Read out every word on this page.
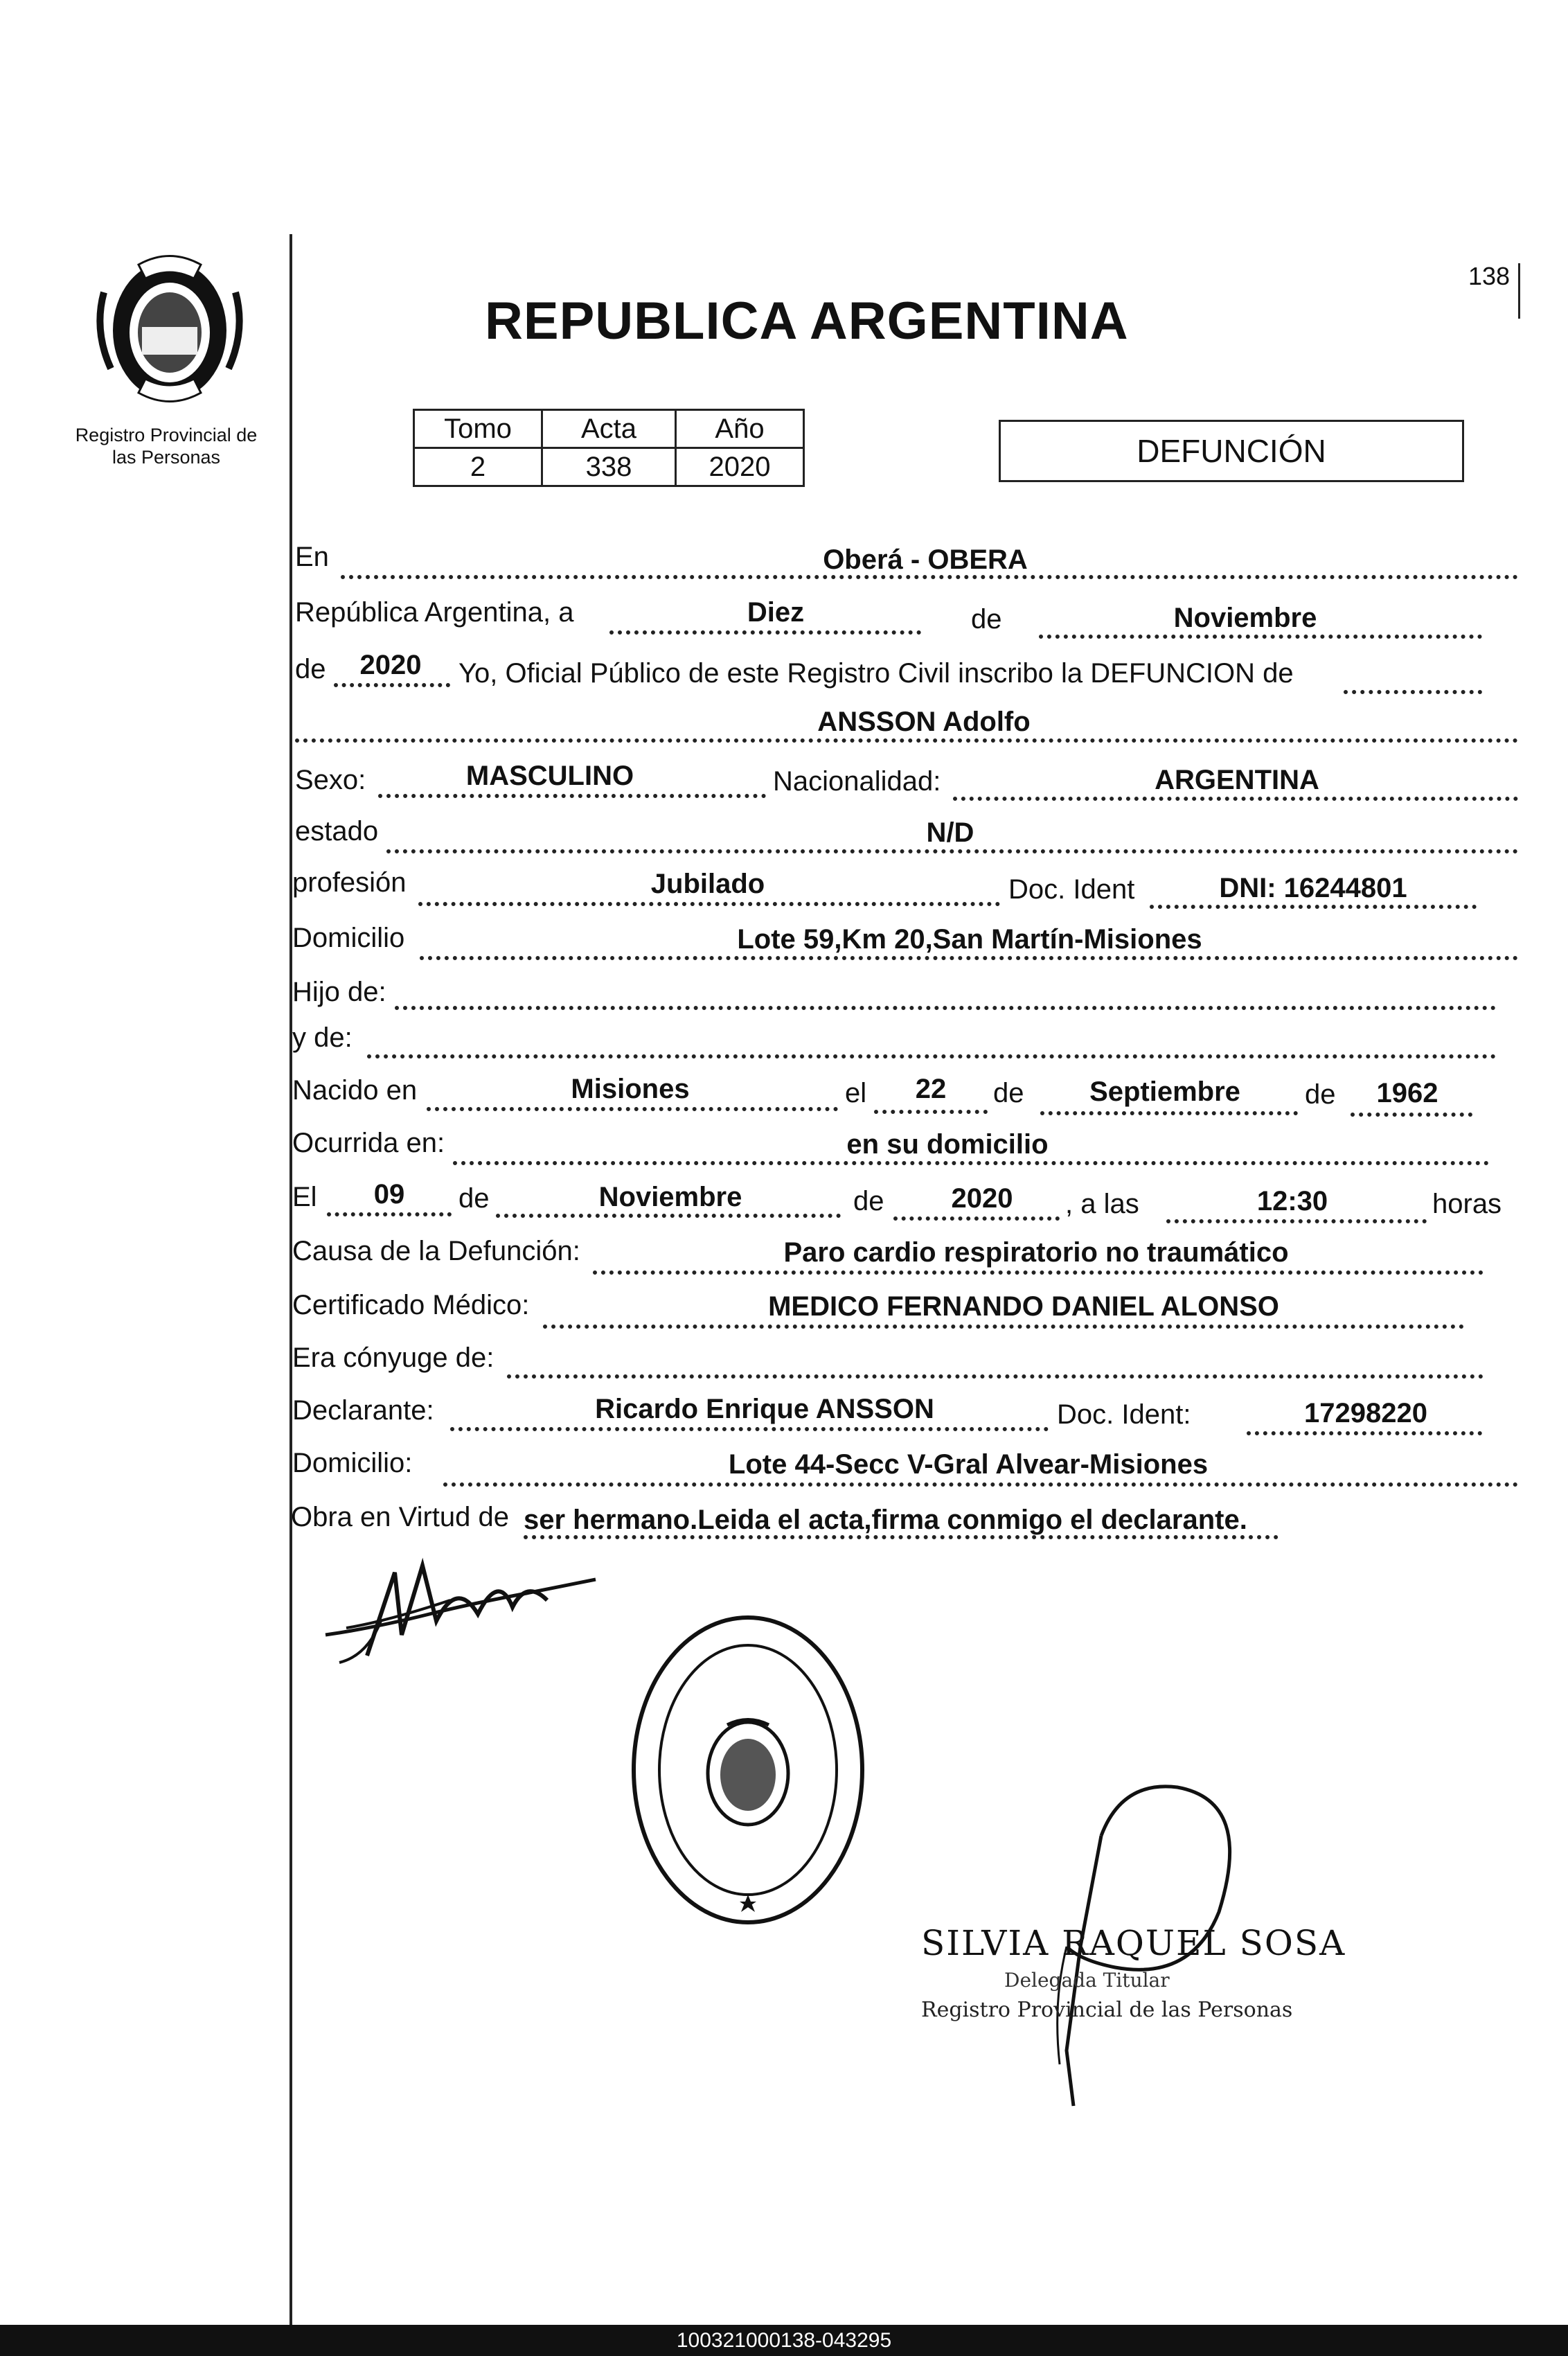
Registro Provincial de
las Personas
138
REPUBLICA ARGENTINA
Tomo	Acta	Año
2	338	2020	DEFUNCIÓN
En	Oberá - OBERA
República Argentina, a	Diez	de	Noviembre
de 2020 Yo, Oficial Público de este Registro Civil inscribo la DEFUNCION de
ANSSON Adolfo
Sexo:	MASCULINO	Nacionalidad:	ARGENTINA
estado	N/D
profesión	Jubilado	Doc. Ident	DNI: 16244801
Domicilio	Lote 59,Km 20,San Martín-Misiones
Hijo de:
y de:
Nacido en	Misiones	el 22 de Septiembre de 1962
Ocurrida en:	en su domicilio
El 09 de	Noviembre	de 2020 , a las	12:30	horas
Causa de la Defunción:	Paro cardio respiratorio no traumático
Certificado Médico:	MEDICO FERNANDO DANIEL ALONSO
Era cónyuge de:
Declarante:	Ricardo Enrique ANSSON	Doc. Ident:	17298220
Domicilio:	Lote 44-Secc V-Gral Alvear-Misiones
Obra en Virtud de ser hermano.Leida el acta,firma conmigo el declarante.
SILVIA RAQUEL SOSA
Delegada Titular
Registro Provincial de las Personas
100321000138-043295
